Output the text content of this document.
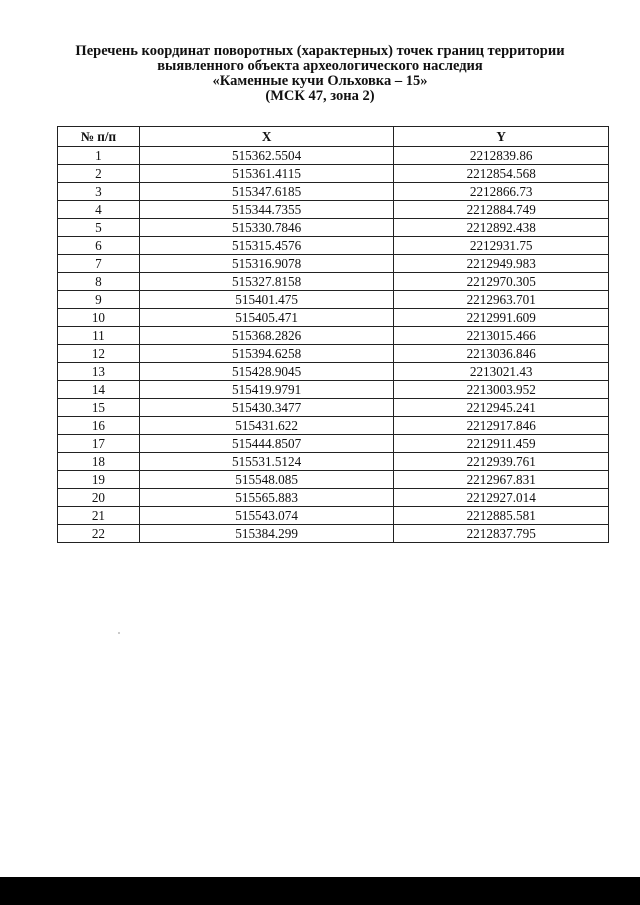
Перечень координат поворотных (характерных) точек границ территории
выявленного объекта археологического наследия
«Каменные кучи Ольховка – 15»
(МСК 47, зона 2)
№ п/п	X	Y
1	515362.5504	2212839.86
2	515361.4115	2212854.568
3	515347.6185	2212866.73
4	515344.7355	2212884.749
5	515330.7846	2212892.438
6	515315.4576	2212931.75
7	515316.9078	2212949.983
8	515327.8158	2212970.305
9	515401.475	2212963.701
10	515405.471	2212991.609
11	515368.2826	2213015.466
12	515394.6258	2213036.846
13	515428.9045	2213021.43
14	515419.9791	2213003.952
15	515430.3477	2212945.241
16	515431.622	2212917.846
17	515444.8507	2212911.459
18	515531.5124	2212939.761
19	515548.085	2212967.831
20	515565.883	2212927.014
21	515543.074	2212885.581
22	515384.299	2212837.795
